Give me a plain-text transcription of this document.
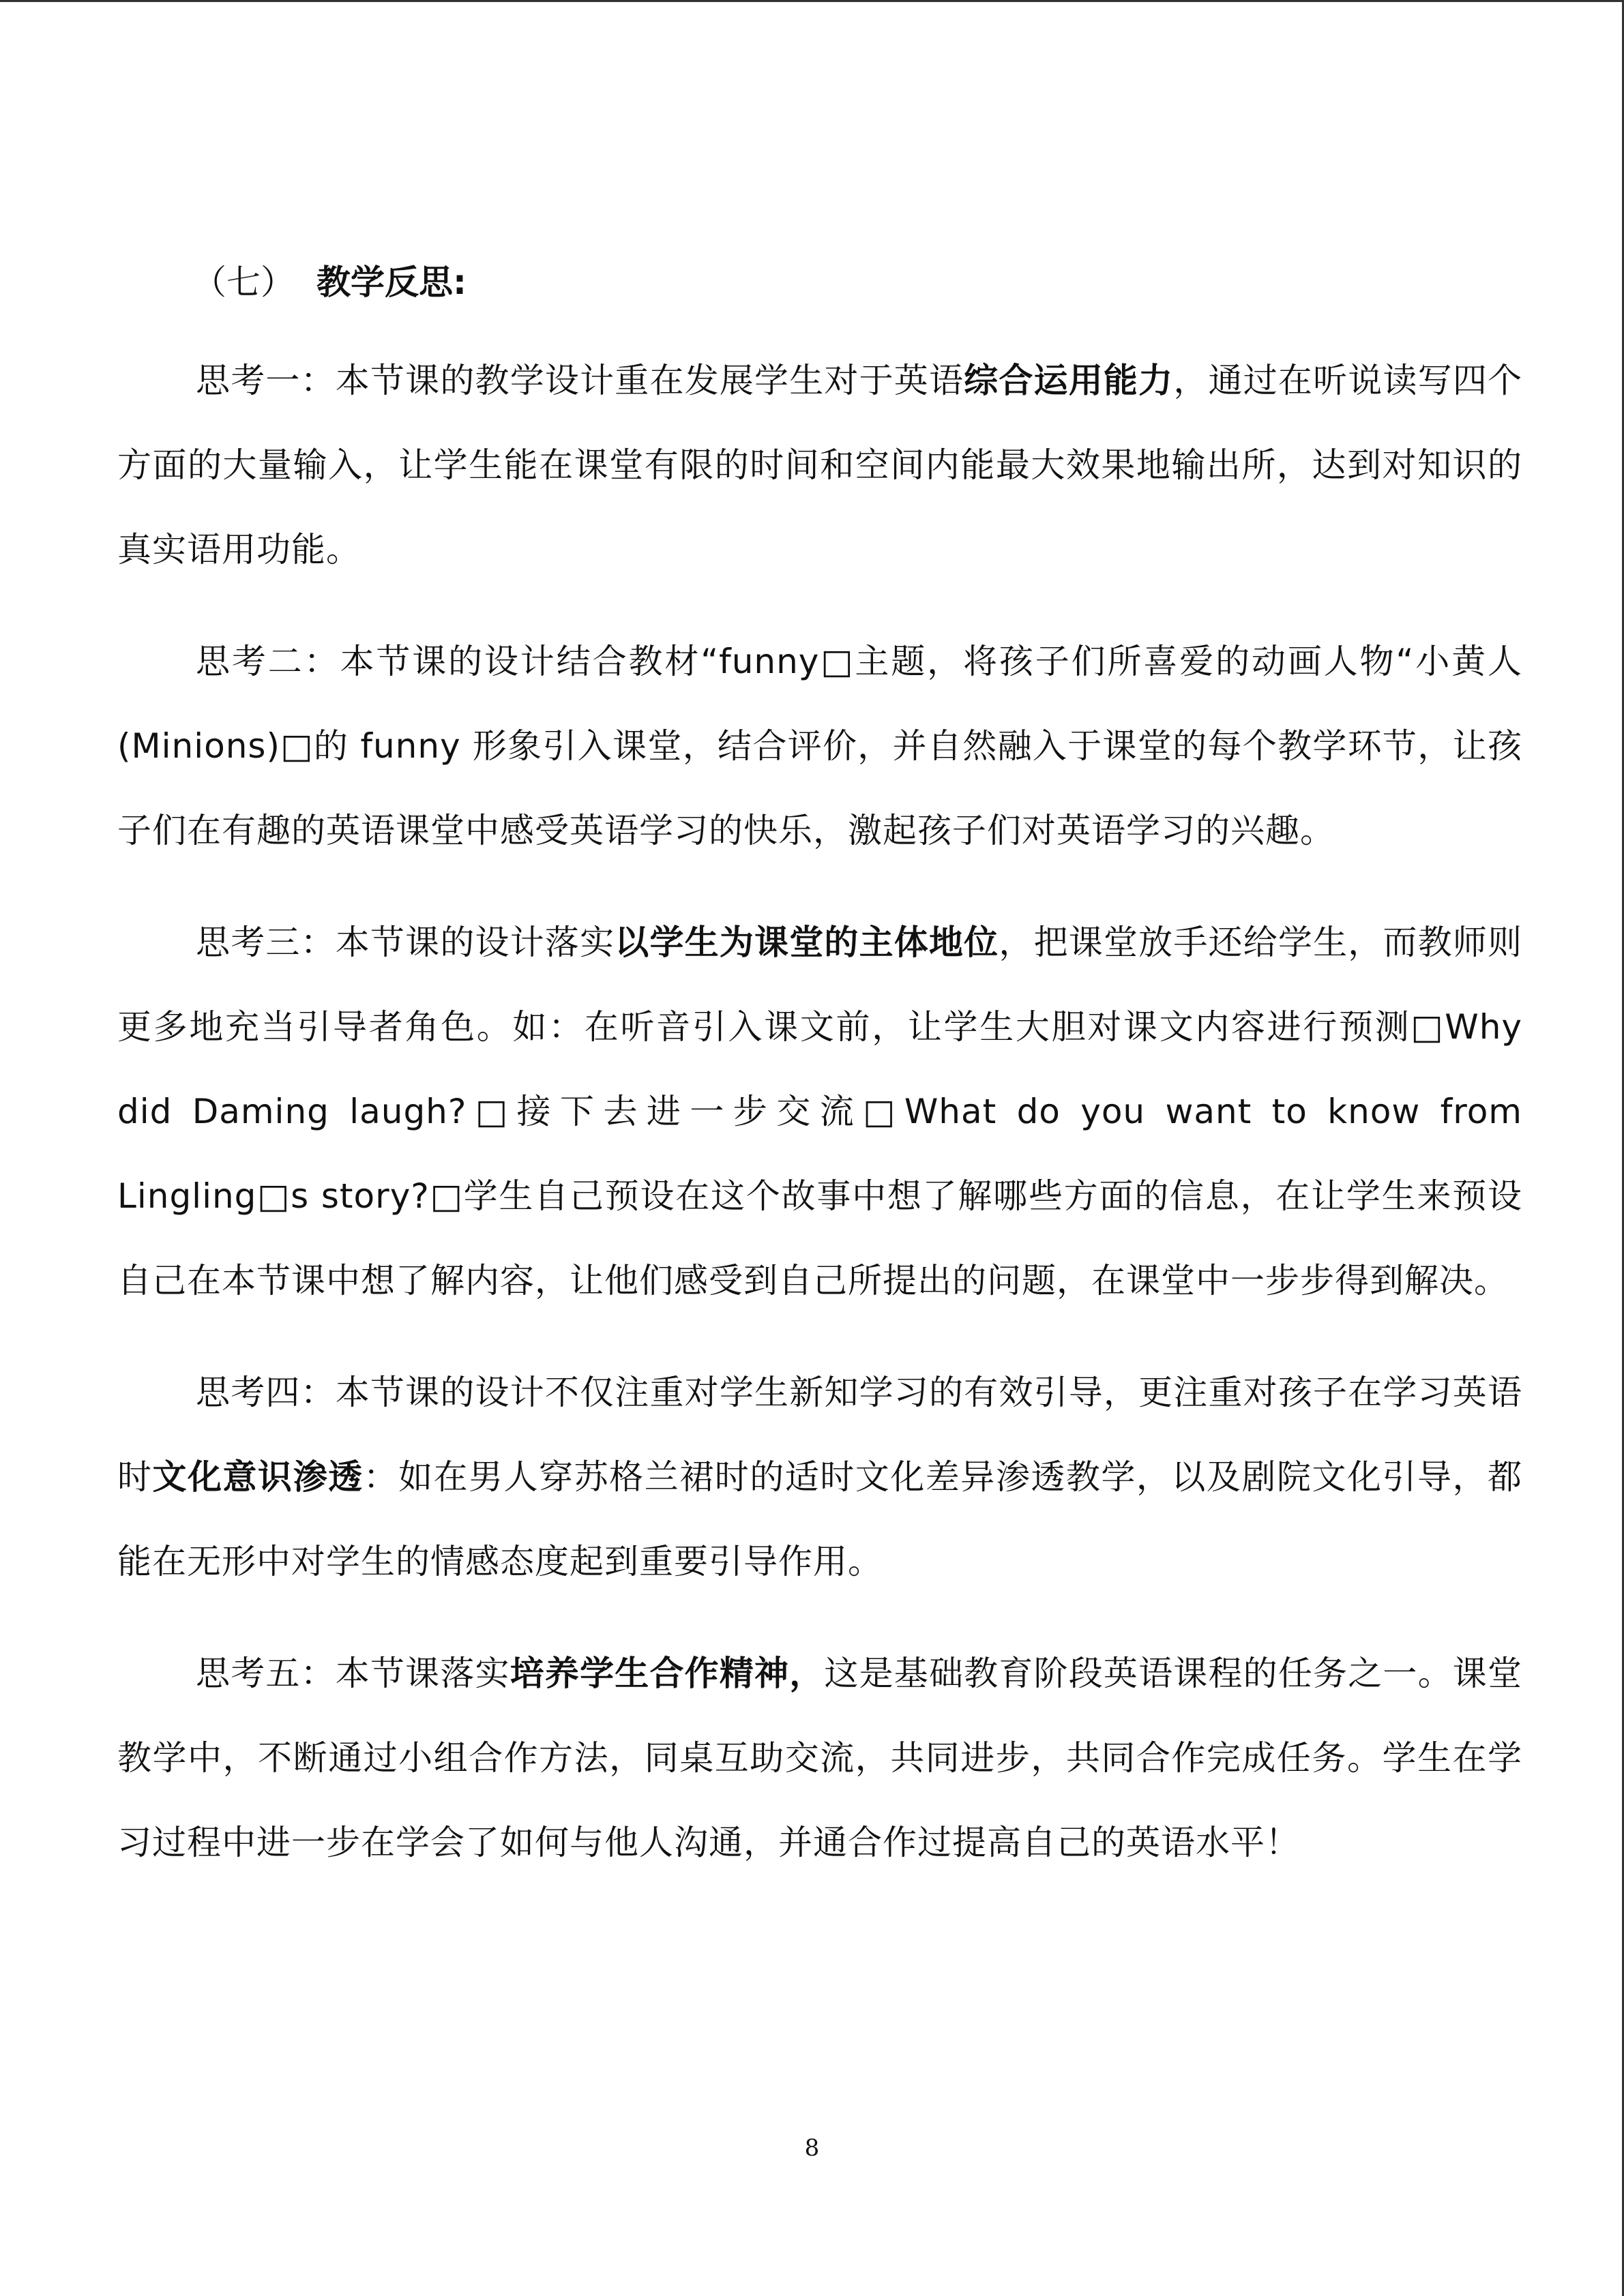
（七） 教学反思:

思考一：本节课的教学设计重在发展学生对于英语综合运用能力，通过在听说读写四个方面的大量输入，让学生能在课堂有限的时间和空间内能最大效果地输出所，达到对知识的真实语用功能。

思考二：本节课的设计结合教材“funny□主题，将孩子们所喜爱的动画人物“小黄人(Minions)□的 funny 形象引入课堂，结合评价，并自然融入于课堂的每个教学环节，让孩子们在有趣的英语课堂中感受英语学习的快乐，激起孩子们对英语学习的兴趣。

思考三：本节课的设计落实以学生为课堂的主体地位，把课堂放手还给学生，而教师则更多地充当引导者角色。如：在听音引入课文前，让学生大胆对课文内容进行预测□Why did Daming laugh?□接下去进一步交流□What do you want to know from Lingling□s story?□学生自己预设在这个故事中想了解哪些方面的信息，在让学生来预设自己在本节课中想了解内容，让他们感受到自己所提出的问题，在课堂中一步步得到解决。

思考四：本节课的设计不仅注重对学生新知学习的有效引导，更注重对孩子在学习英语时文化意识渗透：如在男人穿苏格兰裙时的适时文化差异渗透教学，以及剧院文化引导，都能在无形中对学生的情感态度起到重要引导作用。

思考五：本节课落实培养学生合作精神，这是基础教育阶段英语课程的任务之一。课堂教学中，不断通过小组合作方法，同桌互助交流，共同进步，共同合作完成任务。学生在学习过程中进一步在学会了如何与他人沟通，并通合作过提高自己的英语水平！

8
